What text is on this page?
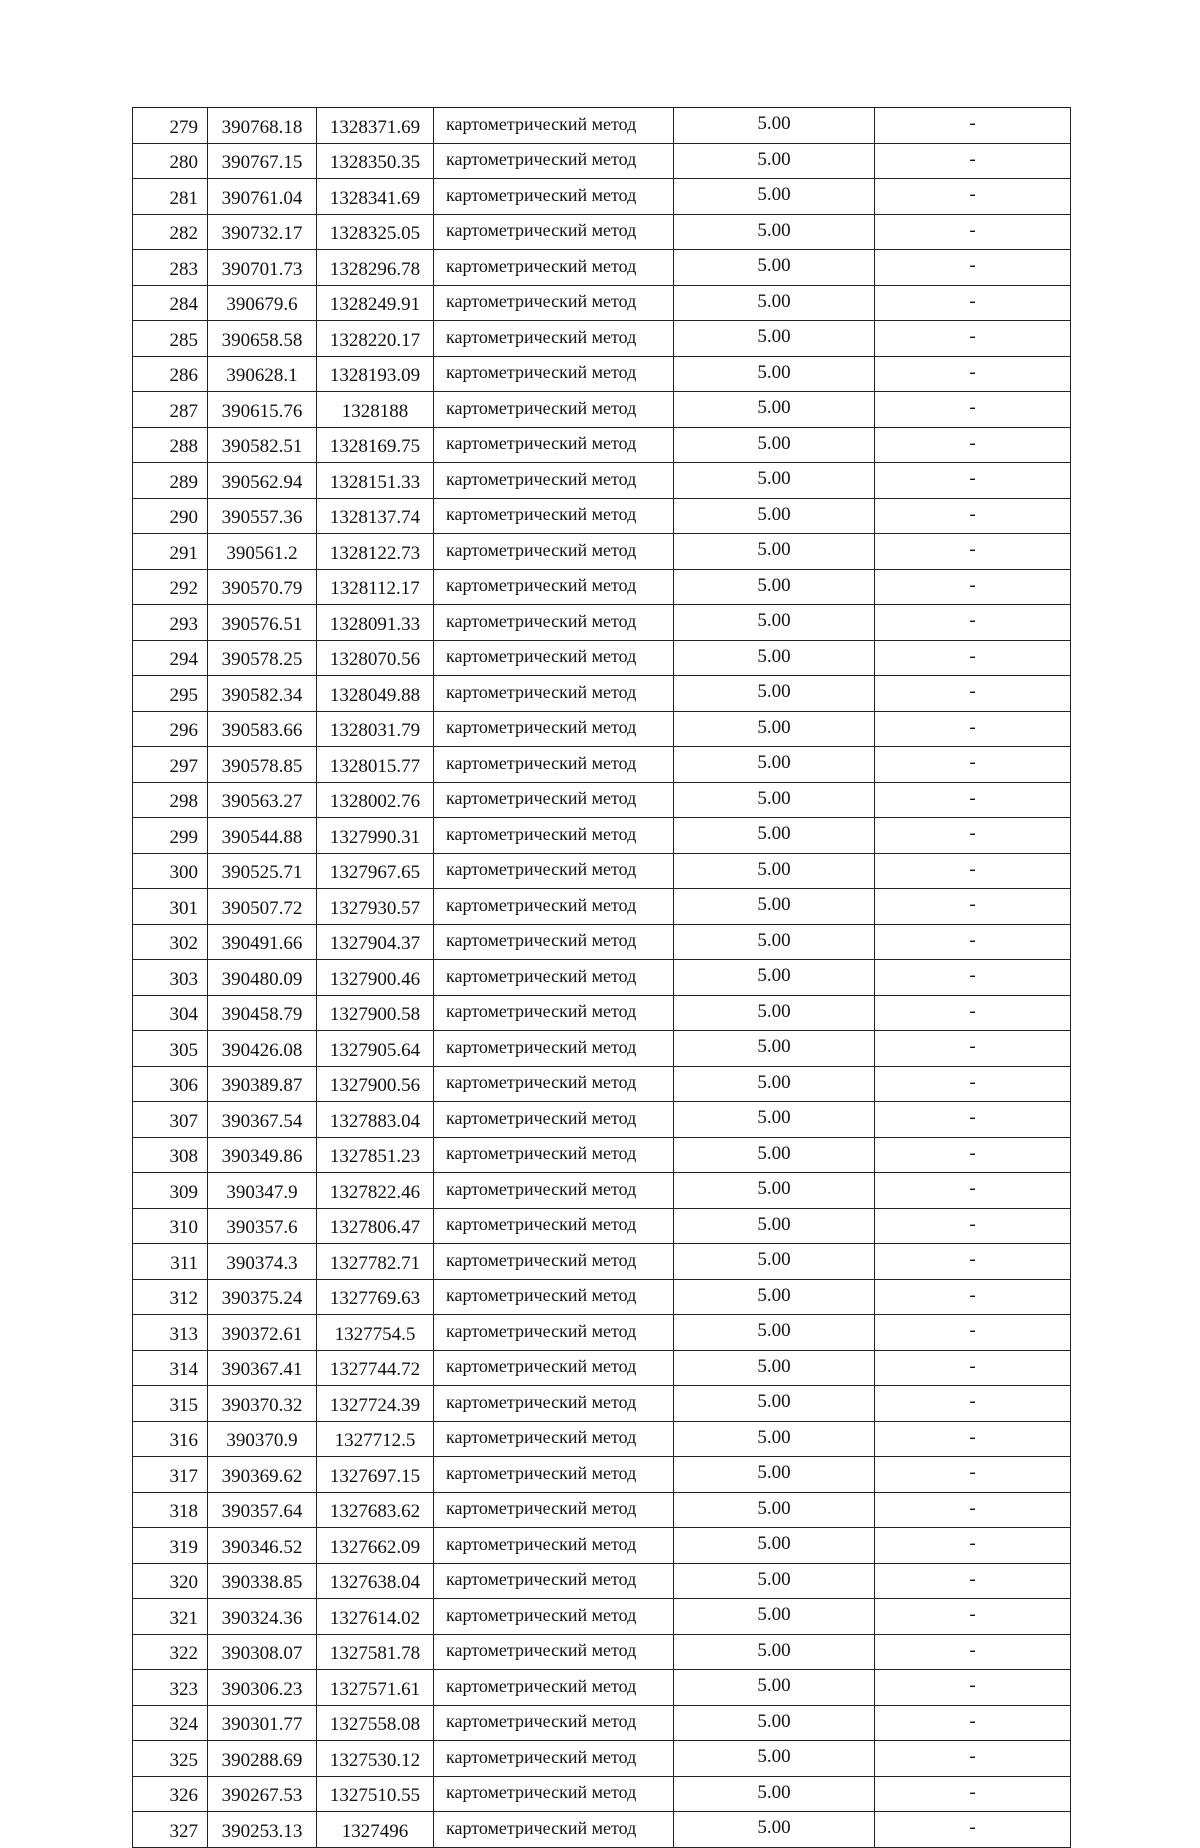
279	390768.18	1328371.69	картометрический метод	5.00	-
280	390767.15	1328350.35	картометрический метод	5.00	-
281	390761.04	1328341.69	картометрический метод	5.00	-
282	390732.17	1328325.05	картометрический метод	5.00	-
283	390701.73	1328296.78	картометрический метод	5.00	-
284	390679.6	1328249.91	картометрический метод	5.00	-
285	390658.58	1328220.17	картометрический метод	5.00	-
286	390628.1	1328193.09	картометрический метод	5.00	-
287	390615.76	1328188	картометрический метод	5.00	-
288	390582.51	1328169.75	картометрический метод	5.00	-
289	390562.94	1328151.33	картометрический метод	5.00	-
290	390557.36	1328137.74	картометрический метод	5.00	-
291	390561.2	1328122.73	картометрический метод	5.00	-
292	390570.79	1328112.17	картометрический метод	5.00	-
293	390576.51	1328091.33	картометрический метод	5.00	-
294	390578.25	1328070.56	картометрический метод	5.00	-
295	390582.34	1328049.88	картометрический метод	5.00	-
296	390583.66	1328031.79	картометрический метод	5.00	-
297	390578.85	1328015.77	картометрический метод	5.00	-
298	390563.27	1328002.76	картометрический метод	5.00	-
299	390544.88	1327990.31	картометрический метод	5.00	-
300	390525.71	1327967.65	картометрический метод	5.00	-
301	390507.72	1327930.57	картометрический метод	5.00	-
302	390491.66	1327904.37	картометрический метод	5.00	-
303	390480.09	1327900.46	картометрический метод	5.00	-
304	390458.79	1327900.58	картометрический метод	5.00	-
305	390426.08	1327905.64	картометрический метод	5.00	-
306	390389.87	1327900.56	картометрический метод	5.00	-
307	390367.54	1327883.04	картометрический метод	5.00	-
308	390349.86	1327851.23	картометрический метод	5.00	-
309	390347.9	1327822.46	картометрический метод	5.00	-
310	390357.6	1327806.47	картометрический метод	5.00	-
311	390374.3	1327782.71	картометрический метод	5.00	-
312	390375.24	1327769.63	картометрический метод	5.00	-
313	390372.61	1327754.5	картометрический метод	5.00	-
314	390367.41	1327744.72	картометрический метод	5.00	-
315	390370.32	1327724.39	картометрический метод	5.00	-
316	390370.9	1327712.5	картометрический метод	5.00	-
317	390369.62	1327697.15	картометрический метод	5.00	-
318	390357.64	1327683.62	картометрический метод	5.00	-
319	390346.52	1327662.09	картометрический метод	5.00	-
320	390338.85	1327638.04	картометрический метод	5.00	-
321	390324.36	1327614.02	картометрический метод	5.00	-
322	390308.07	1327581.78	картометрический метод	5.00	-
323	390306.23	1327571.61	картометрический метод	5.00	-
324	390301.77	1327558.08	картометрический метод	5.00	-
325	390288.69	1327530.12	картометрический метод	5.00	-
326	390267.53	1327510.55	картометрический метод	5.00	-
327	390253.13	1327496	картометрический метод	5.00	-
